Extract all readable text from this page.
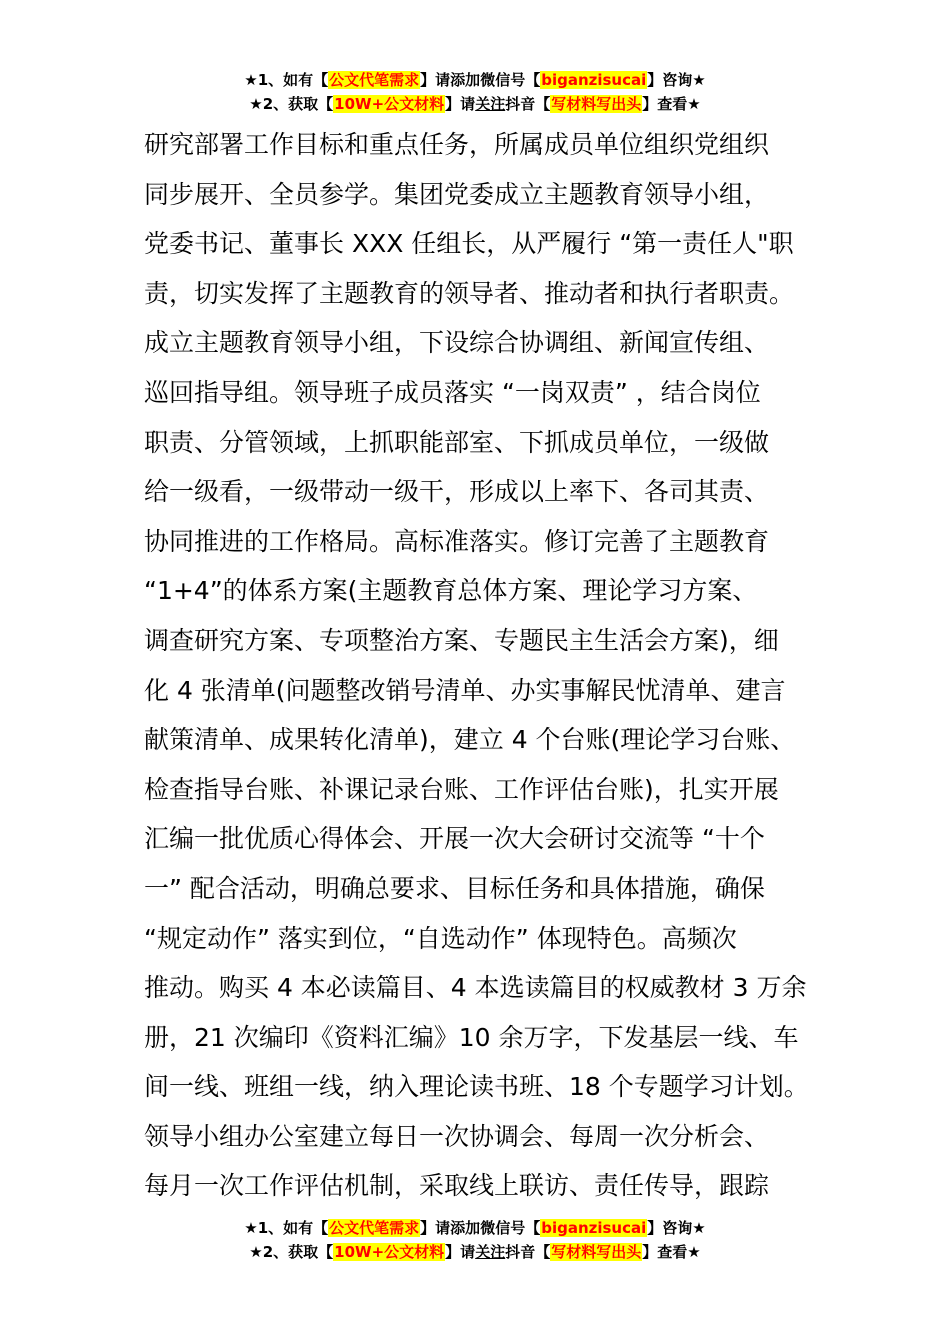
★1、如有【公文代笔需求】请添加微信号【biganzisucai】咨询★
★2、获取【10W+公文材料】请关注抖音【写材料写出头】查看★
研究部署工作目标和重点任务，所属成员单位组织党组织
同步展开、全员参学。集团党委成立主题教育领导小组，
党委书记、董事长 XXX 任组长，从严履行 “第一责任人"职
责，切实发挥了主题教育的领导者、推动者和执行者职责。
成立主题教育领导小组，下设综合协调组、新闻宣传组、
巡回指导组。领导班子成员落实 “一岗双责” ，结合岗位
职责、分管领域，上抓职能部室、下抓成员单位，一级做
给一级看，一级带动一级干，形成以上率下、各司其责、
协同推进的工作格局。高标准落实。修订完善了主题教育
“1+4”的体系方案(主题教育总体方案、理论学习方案、
调查研究方案、专项整治方案、专题民主生活会方案)，细
化 4 张清单(问题整改销号清单、办实事解民忧清单、建言
献策清单、成果转化清单)，建立 4 个台账(理论学习台账、
检查指导台账、补课记录台账、工作评估台账)，扎实开展
汇编一批优质心得体会、开展一次大会研讨交流等 “十个
一” 配合活动，明确总要求、目标任务和具体措施，确保
“规定动作” 落实到位，“自选动作” 体现特色。高频次
推动。购买 4 本必读篇目、4 本选读篇目的权威教材 3 万余
册，21 次编印《资料汇编》10 余万字，下发基层一线、车
间一线、班组一线，纳入理论读书班、18 个专题学习计划。
领导小组办公室建立每日一次协调会、每周一次分析会、
每月一次工作评估机制，采取线上联访、责任传导，跟踪
★1、如有【公文代笔需求】请添加微信号【biganzisucai】咨询★
★2、获取【10W+公文材料】请关注抖音【写材料写出头】查看★
